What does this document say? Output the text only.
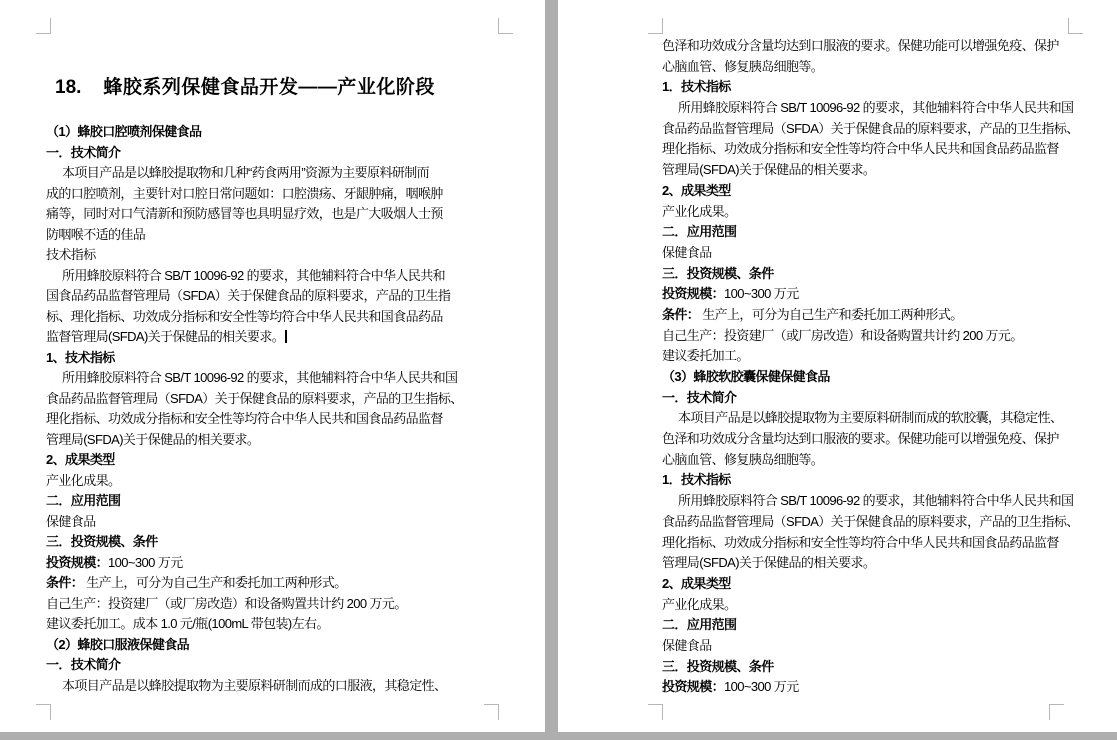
18. 蜂胶系列保健食品开发——产业化阶段
（1）蜂胶口腔喷剂保健食品
一．技术简介
本项目产品是以蜂胶提取物和几种“药食两用”资源为主要原料研制而
成的口腔喷剂，主要针对口腔日常问题如：口腔溃疡、牙龈肿痛，咽喉肿
痛等，同时对口气清新和预防感冒等也具明显疗效，也是广大吸烟人士预
防咽喉不适的佳品
技术指标
所用蜂胶原料符合 SB/T 10096-92 的要求，其他辅料符合中华人民共和
国食品药品监督管理局（SFDA）关于保健食品的原料要求，产品的卫生指
标、理化指标、功效成分指标和安全性等均符合中华人民共和国食品药品
监督管理局(SFDA)关于保健品的相关要求。
1、技术指标
所用蜂胶原料符合 SB/T 10096-92 的要求，其他辅料符合中华人民共和国
食品药品监督管理局（SFDA）关于保健食品的原料要求，产品的卫生指标、
理化指标、功效成分指标和安全性等均符合中华人民共和国食品药品监督
管理局(SFDA)关于保健品的相关要求。
2、成果类型
产业化成果。
二．应用范围
保健食品
三．投资规模、条件
投资规模：100~300 万元
条件： 生产上，可分为自己生产和委托加工两种形式。
自己生产：投资建厂（或厂房改造）和设备购置共计约 200 万元。
建议委托加工。成本 1.0 元/瓶(100mL 带包装)左右。
（2）蜂胶口服液保健食品
一．技术简介
本项目产品是以蜂胶提取物为主要原料研制而成的口服液，其稳定性、
色泽和功效成分含量均达到口服液的要求。保健功能可以增强免疫、保护
心脑血管、修复胰岛细胞等。
1．技术指标
所用蜂胶原料符合 SB/T 10096-92 的要求，其他辅料符合中华人民共和国
食品药品监督管理局（SFDA）关于保健食品的原料要求，产品的卫生指标、
理化指标、功效成分指标和安全性等均符合中华人民共和国食品药品监督
管理局(SFDA)关于保健品的相关要求。
2、成果类型
产业化成果。
二．应用范围
保健食品
三．投资规模、条件
投资规模：100~300 万元
条件： 生产上，可分为自己生产和委托加工两种形式。
自己生产：投资建厂（或厂房改造）和设备购置共计约 200 万元。
建议委托加工。
（3）蜂胶软胶囊保健保健食品
一．技术简介
本项目产品是以蜂胶提取物为主要原料研制而成的软胶囊，其稳定性、
色泽和功效成分含量均达到口服液的要求。保健功能可以增强免疫、保护
心脑血管、修复胰岛细胞等。
1．技术指标
所用蜂胶原料符合 SB/T 10096-92 的要求，其他辅料符合中华人民共和国
食品药品监督管理局（SFDA）关于保健食品的原料要求，产品的卫生指标、
理化指标、功效成分指标和安全性等均符合中华人民共和国食品药品监督
管理局(SFDA)关于保健品的相关要求。
2、成果类型
产业化成果。
二．应用范围
保健食品
三．投资规模、条件
投资规模：100~300 万元
